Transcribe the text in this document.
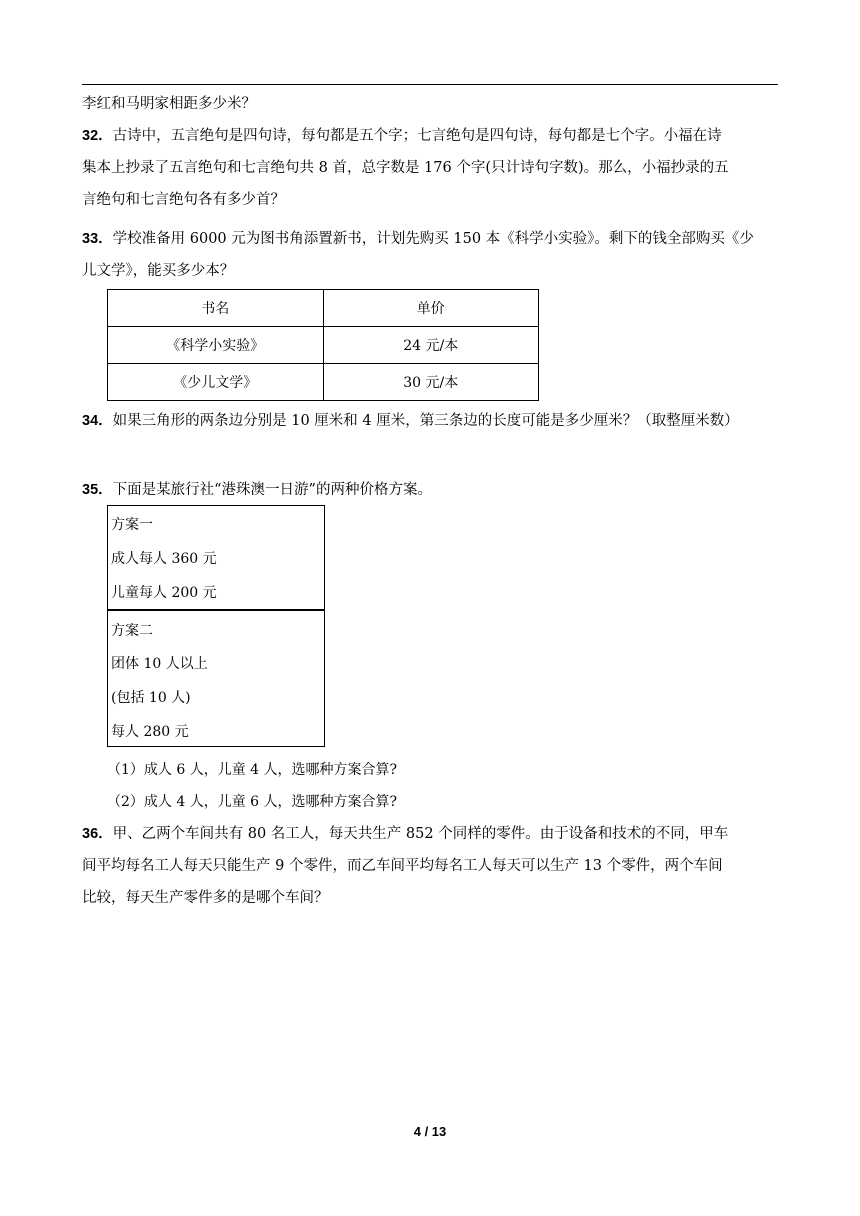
李红和马明家相距多少米？

32．古诗中，五言绝句是四句诗，每句都是五个字；七言绝句是四句诗，每句都是七个字。小福在诗
集本上抄录了五言绝句和七言绝句共 8 首，总字数是 176 个字(只计诗句字数)。那么，小福抄录的五
言绝句和七言绝句各有多少首？
33．学校准备用 6000 元为图书角添置新书，计划先购买 150 本《科学小实验》。剩下的钱全部购买《少
儿文学》，能买多少本？
书名	单价
《科学小实验》	24 元/本
《少儿文学》	30 元/本
34．如果三角形的两条边分别是 10 厘米和 4 厘米，第三条边的长度可能是多少厘米？（取整厘米数）
35．下面是某旅行社“港珠澳一日游”的两种价格方案。
方案一
成人每人 360 元
儿童每人 200 元
方案二
团体 10 人以上
(包括 10 人)
每人 280 元
（1）成人 6 人，儿童 4 人，选哪种方案合算?
（2）成人 4 人，儿童 6 人，选哪种方案合算?
36．甲、乙两个车间共有 80 名工人，每天共生产 852 个同样的零件。由于设备和技术的不同，甲车
间平均每名工人每天只能生产 9 个零件，而乙车间平均每名工人每天可以生产 13 个零件，两个车间
比较，每天生产零件多的是哪个车间？
4 / 13
